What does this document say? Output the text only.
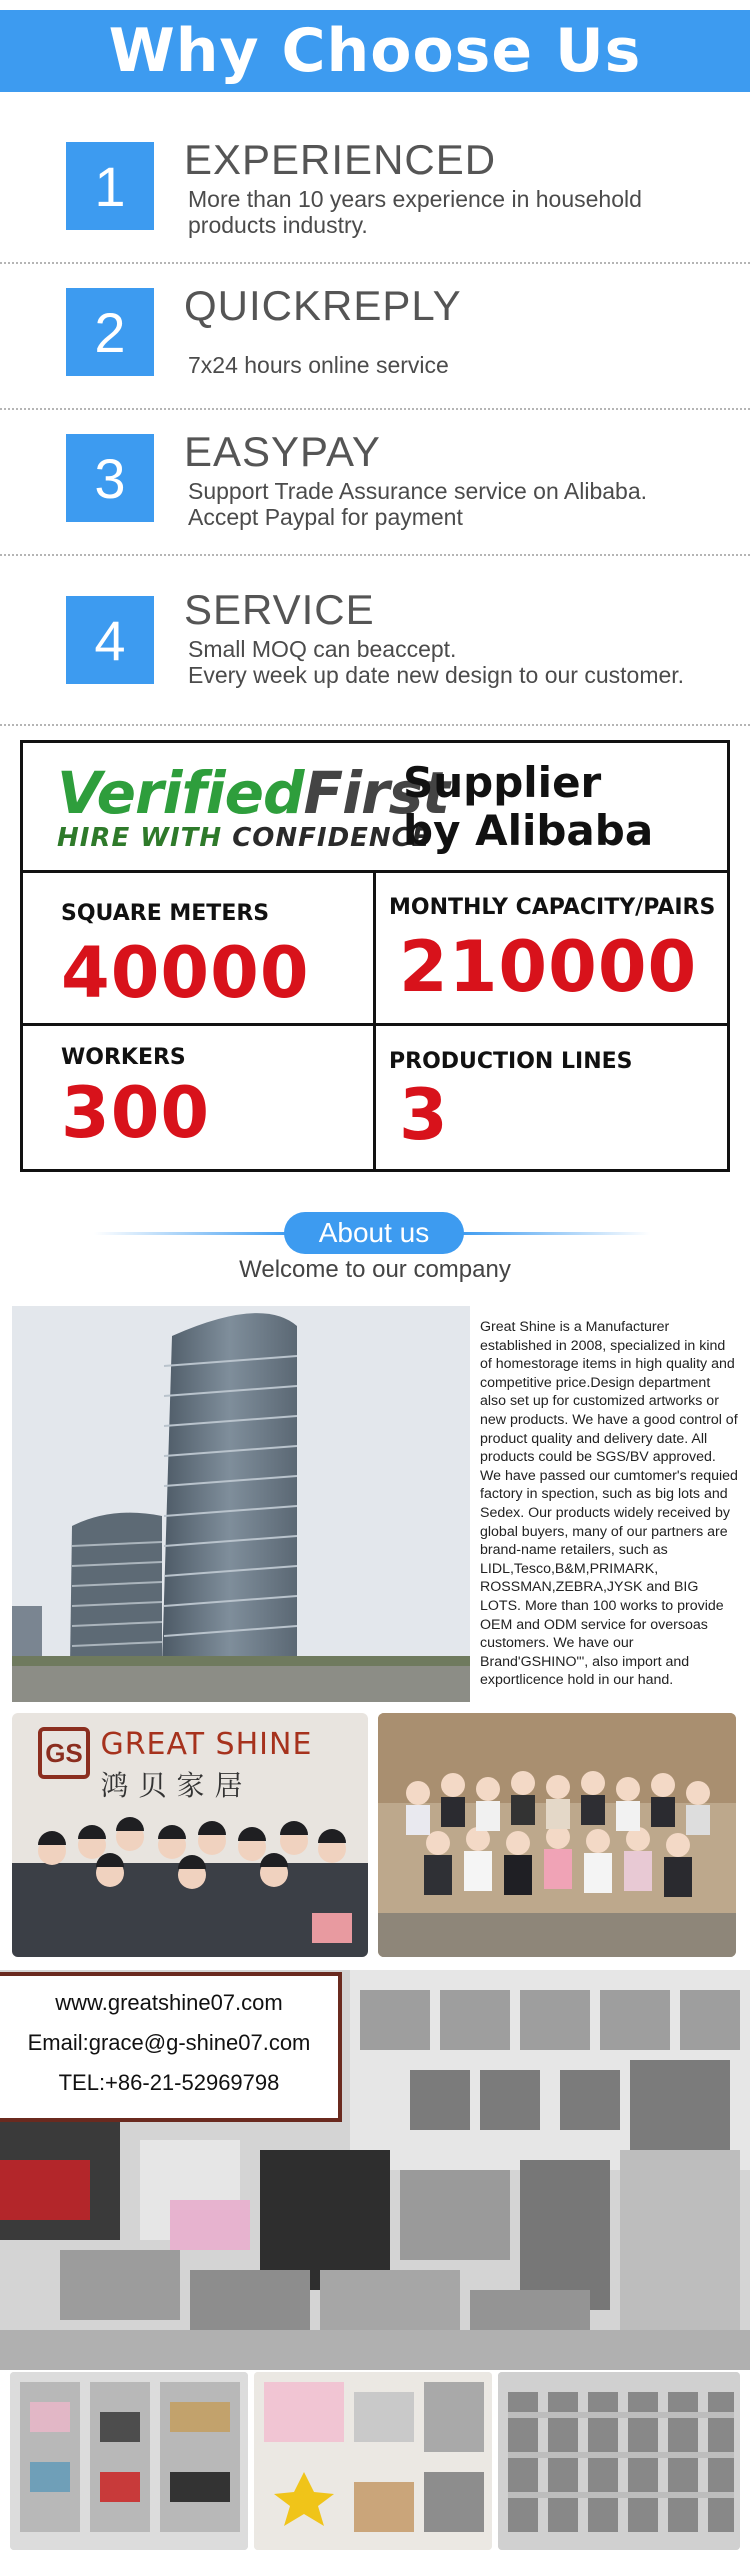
Why Choose Us
1	EXPERIENCED
More than 10 years experience in household
products industry.
2	QUICKREPLY
7x24 hours online service
3	EASYPAY
Support Trade Assurance service on Alibaba.
Accept Paypal for payment
4	SERVICE
Small MOQ can beaccept.
Every week up date new design to our customer.
VerifiedFirst
HIRE WITH CONFIDENCE
Supplier
by Alibaba
SQUARE METERS
40000
MONTHLY CAPACITY/PAIRS
210000
WORKERS
300
PRODUCTION LINES
3
About us
Welcome to our company
Great Shine is a Manufacturer established in 2008, specialized in kind of homestorage items in high quality and competitive price.Design department also set up for customized artworks or new products. We have a good control of product quality and delivery date. All products could be SGS/BV approved. We have passed our cumtomer's requied factory in spection, such as big lots and Sedex. Our products widely received by global buyers, many of our partners are brand-name retailers, such as LIDL,Tesco,B&M,PRIMARK, ROSSMAN,ZEBRA,JYSK and BIG LOTS. More than 100 works to provide OEM and ODM service for oversoas customers. We have our Brand'GSHINO"', also import and exportlicence hold in our hand.
GS GREAT SHINE
鸿贝家居
www.greatshine07.com
Email:grace@g-shine07.com
TEL:+86-21-52969798
